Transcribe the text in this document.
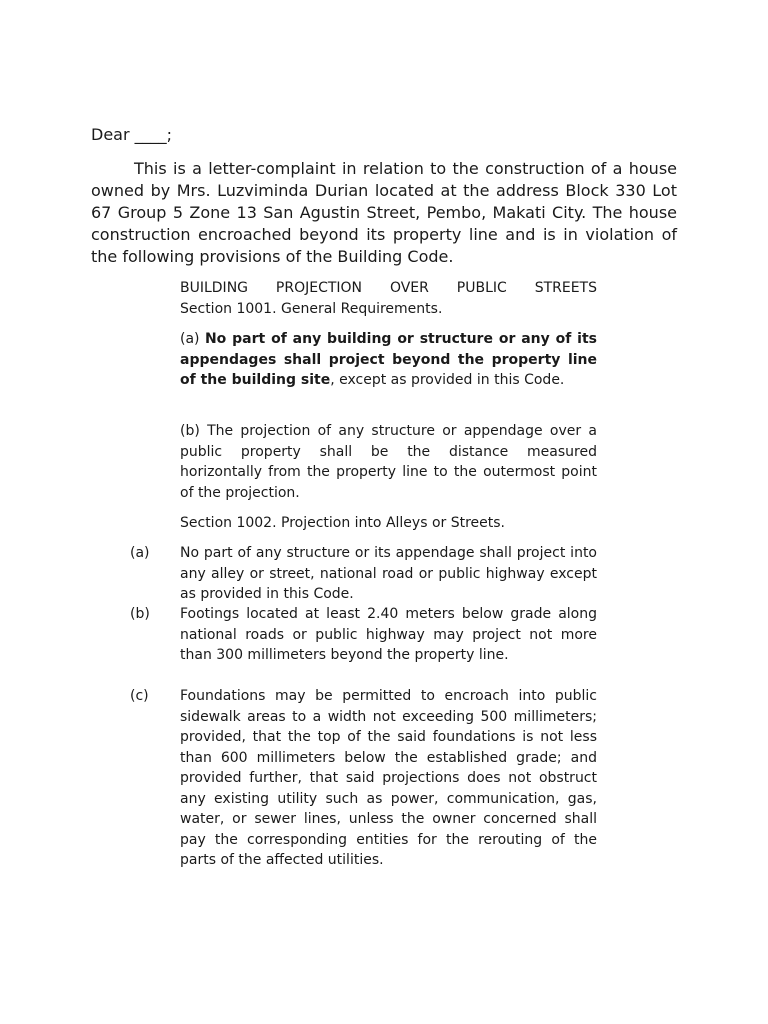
Dear ____;

This is a letter-complaint in relation to the construction of a house owned by Mrs. Luzviminda Durian located at the address Block 330 Lot 67 Group 5 Zone 13 San Agustin Street, Pembo, Makati City. The house construction encroached beyond its property line and is in violation of the following provisions of the Building Code.

BUILDING PROJECTION OVER PUBLIC STREETS
Section 1001. General Requirements.

(a) No part of any building or structure or any of its appendages shall project beyond the property line of the building site, except as provided in this Code.

(b) The projection of any structure or appendage over a public property shall be the distance measured horizontally from the property line to the outermost point of the projection.

Section 1002. Projection into Alleys or Streets.

(a)	No part of any structure or its appendage shall project into any alley or street, national road or public highway except as provided in this Code.

(b)	Footings located at least 2.40 meters below grade along national roads or public highway may project not more than 300 millimeters beyond the property line.

(c)	Foundations may be permitted to encroach into public sidewalk areas to a width not exceeding 500 millimeters; provided, that the top of the said foundations is not less than 600 millimeters below the established grade; and provided further, that said projections does not obstruct any existing utility such as power, communication, gas, water, or sewer lines, unless the owner concerned shall pay the corresponding entities for the rerouting of the parts of the affected utilities.
